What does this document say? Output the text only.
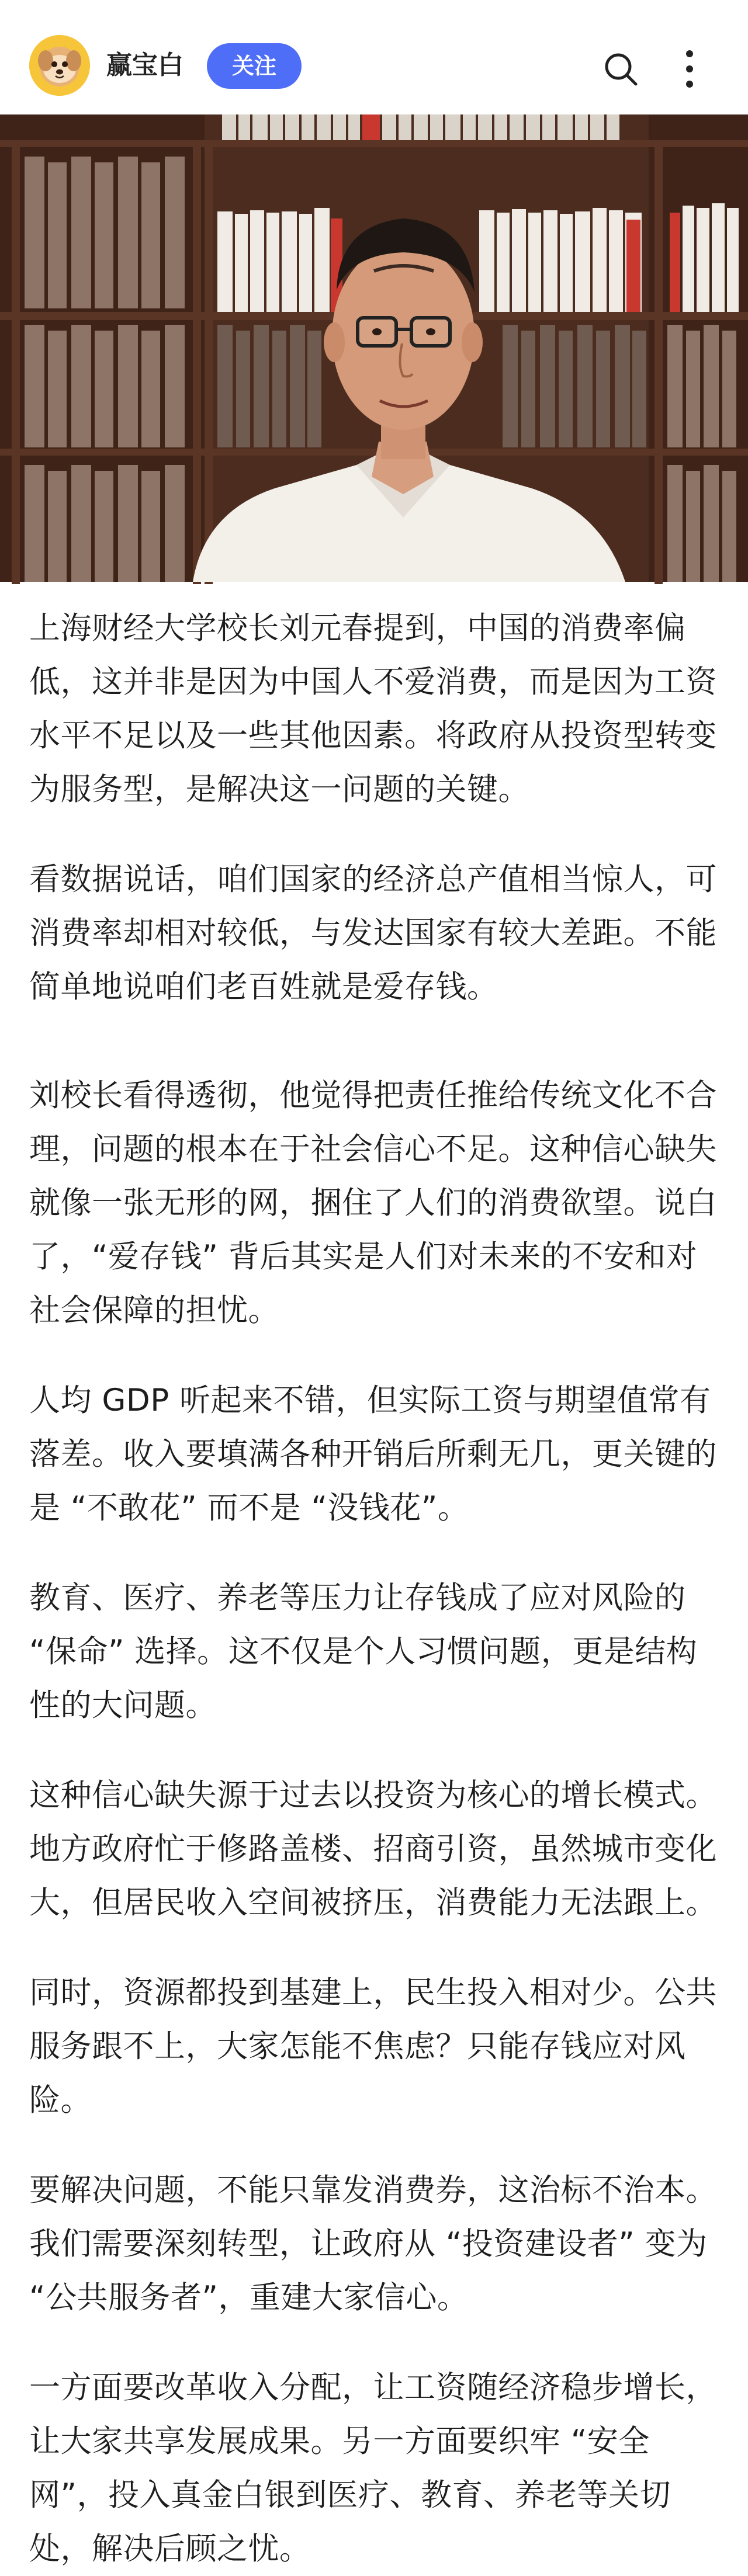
赢宝白	关注

上海财经大学校长刘元春提到，中国的消费率偏低，这并非是因为中国人不爱消费，而是因为工资水平不足以及一些其他因素。将政府从投资型转变为服务型，是解决这一问题的关键。

看数据说话，咱们国家的经济总产值相当惊人，可消费率却相对较低，与发达国家有较大差距。不能简单地说咱们老百姓就是爱存钱。

刘校长看得透彻，他觉得把责任推给传统文化不合理，问题的根本在于社会信心不足。这种信心缺失就像一张无形的网，捆住了人们的消费欲望。说白了，“爱存钱” 背后其实是人们对未来的不安和对社会保障的担忧。

人均 GDP 听起来不错，但实际工资与期望值常有落差。收入要填满各种开销后所剩无几，更关键的是 “不敢花” 而不是 “没钱花”。

教育、医疗、养老等压力让存钱成了应对风险的 “保命” 选择。这不仅是个人习惯问题，更是结构性的大问题。

这种信心缺失源于过去以投资为核心的增长模式。地方政府忙于修路盖楼、招商引资，虽然城市变化大，但居民收入空间被挤压，消费能力无法跟上。

同时，资源都投到基建上，民生投入相对少。公共服务跟不上，大家怎能不焦虑？只能存钱应对风险。

要解决问题，不能只靠发消费券，这治标不治本。我们需要深刻转型，让政府从 “投资建设者” 变为 “公共服务者”，重建大家信心。

一方面要改革收入分配，让工资随经济稳步增长，让大家共享发展成果。另一方面要织牢 “安全网”，投入真金白银到医疗、教育、养老等关切处，解决后顾之忧。
